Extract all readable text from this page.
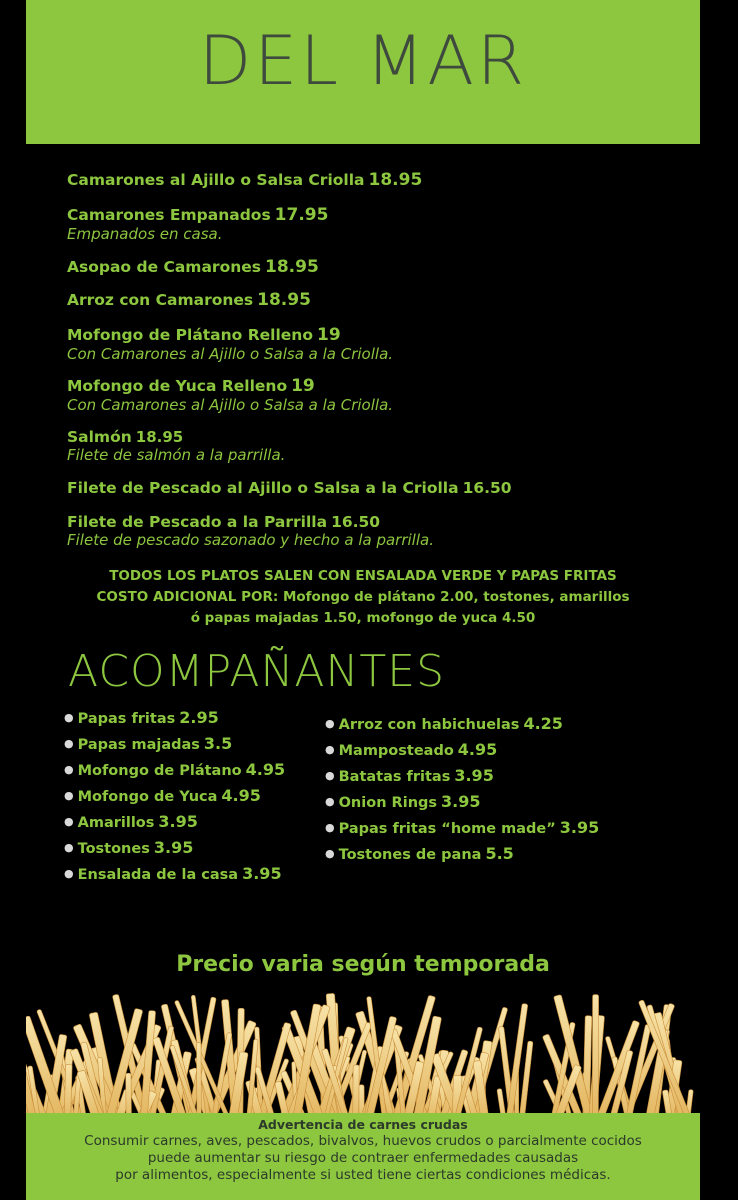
DEL MAR
Camarones al Ajillo o Salsa Criolla 18.95
Camarones Empanados 17.95
Empanados en casa.
Asopao de Camarones 18.95
Arroz con Camarones 18.95
Mofongo de Plátano Relleno 19
Con Camarones al Ajillo o Salsa a la Criolla.
Mofongo de Yuca Relleno 19
Con Camarones al Ajillo o Salsa a la Criolla.
Salmón 18.95
Filete de salmón a la parrilla.
Filete de Pescado al Ajillo o Salsa a la Criolla 16.50
Filete de Pescado a la Parrilla 16.50
Filete de pescado sazonado y hecho a la parrilla.
TODOS LOS PLATOS SALEN CON ENSALADA VERDE Y PAPAS FRITAS
COSTO ADICIONAL POR: Mofongo de plátano 2.00, tostones, amarillos
ó papas majadas 1.50, mofongo de yuca 4.50
ACOMPAÑANTES
● Papas fritas 2.95
● Papas majadas 3.5
● Mofongo de Plátano 4.95
● Mofongo de Yuca 4.95
● Amarillos 3.95
● Tostones 3.95
● Ensalada de la casa 3.95
● Arroz con habichuelas 4.25
● Mamposteado 4.95
● Batatas fritas 3.95
● Onion Rings 3.95
● Papas fritas “home made” 3.95
● Tostones de pana 5.5
Precio varia según temporada
Advertencia de carnes crudas
Consumir carnes, aves, pescados, bivalvos, huevos crudos o parcialmente cocidos
puede aumentar su riesgo de contraer enfermedades causadas
por alimentos, especialmente si usted tiene ciertas condiciones médicas.
